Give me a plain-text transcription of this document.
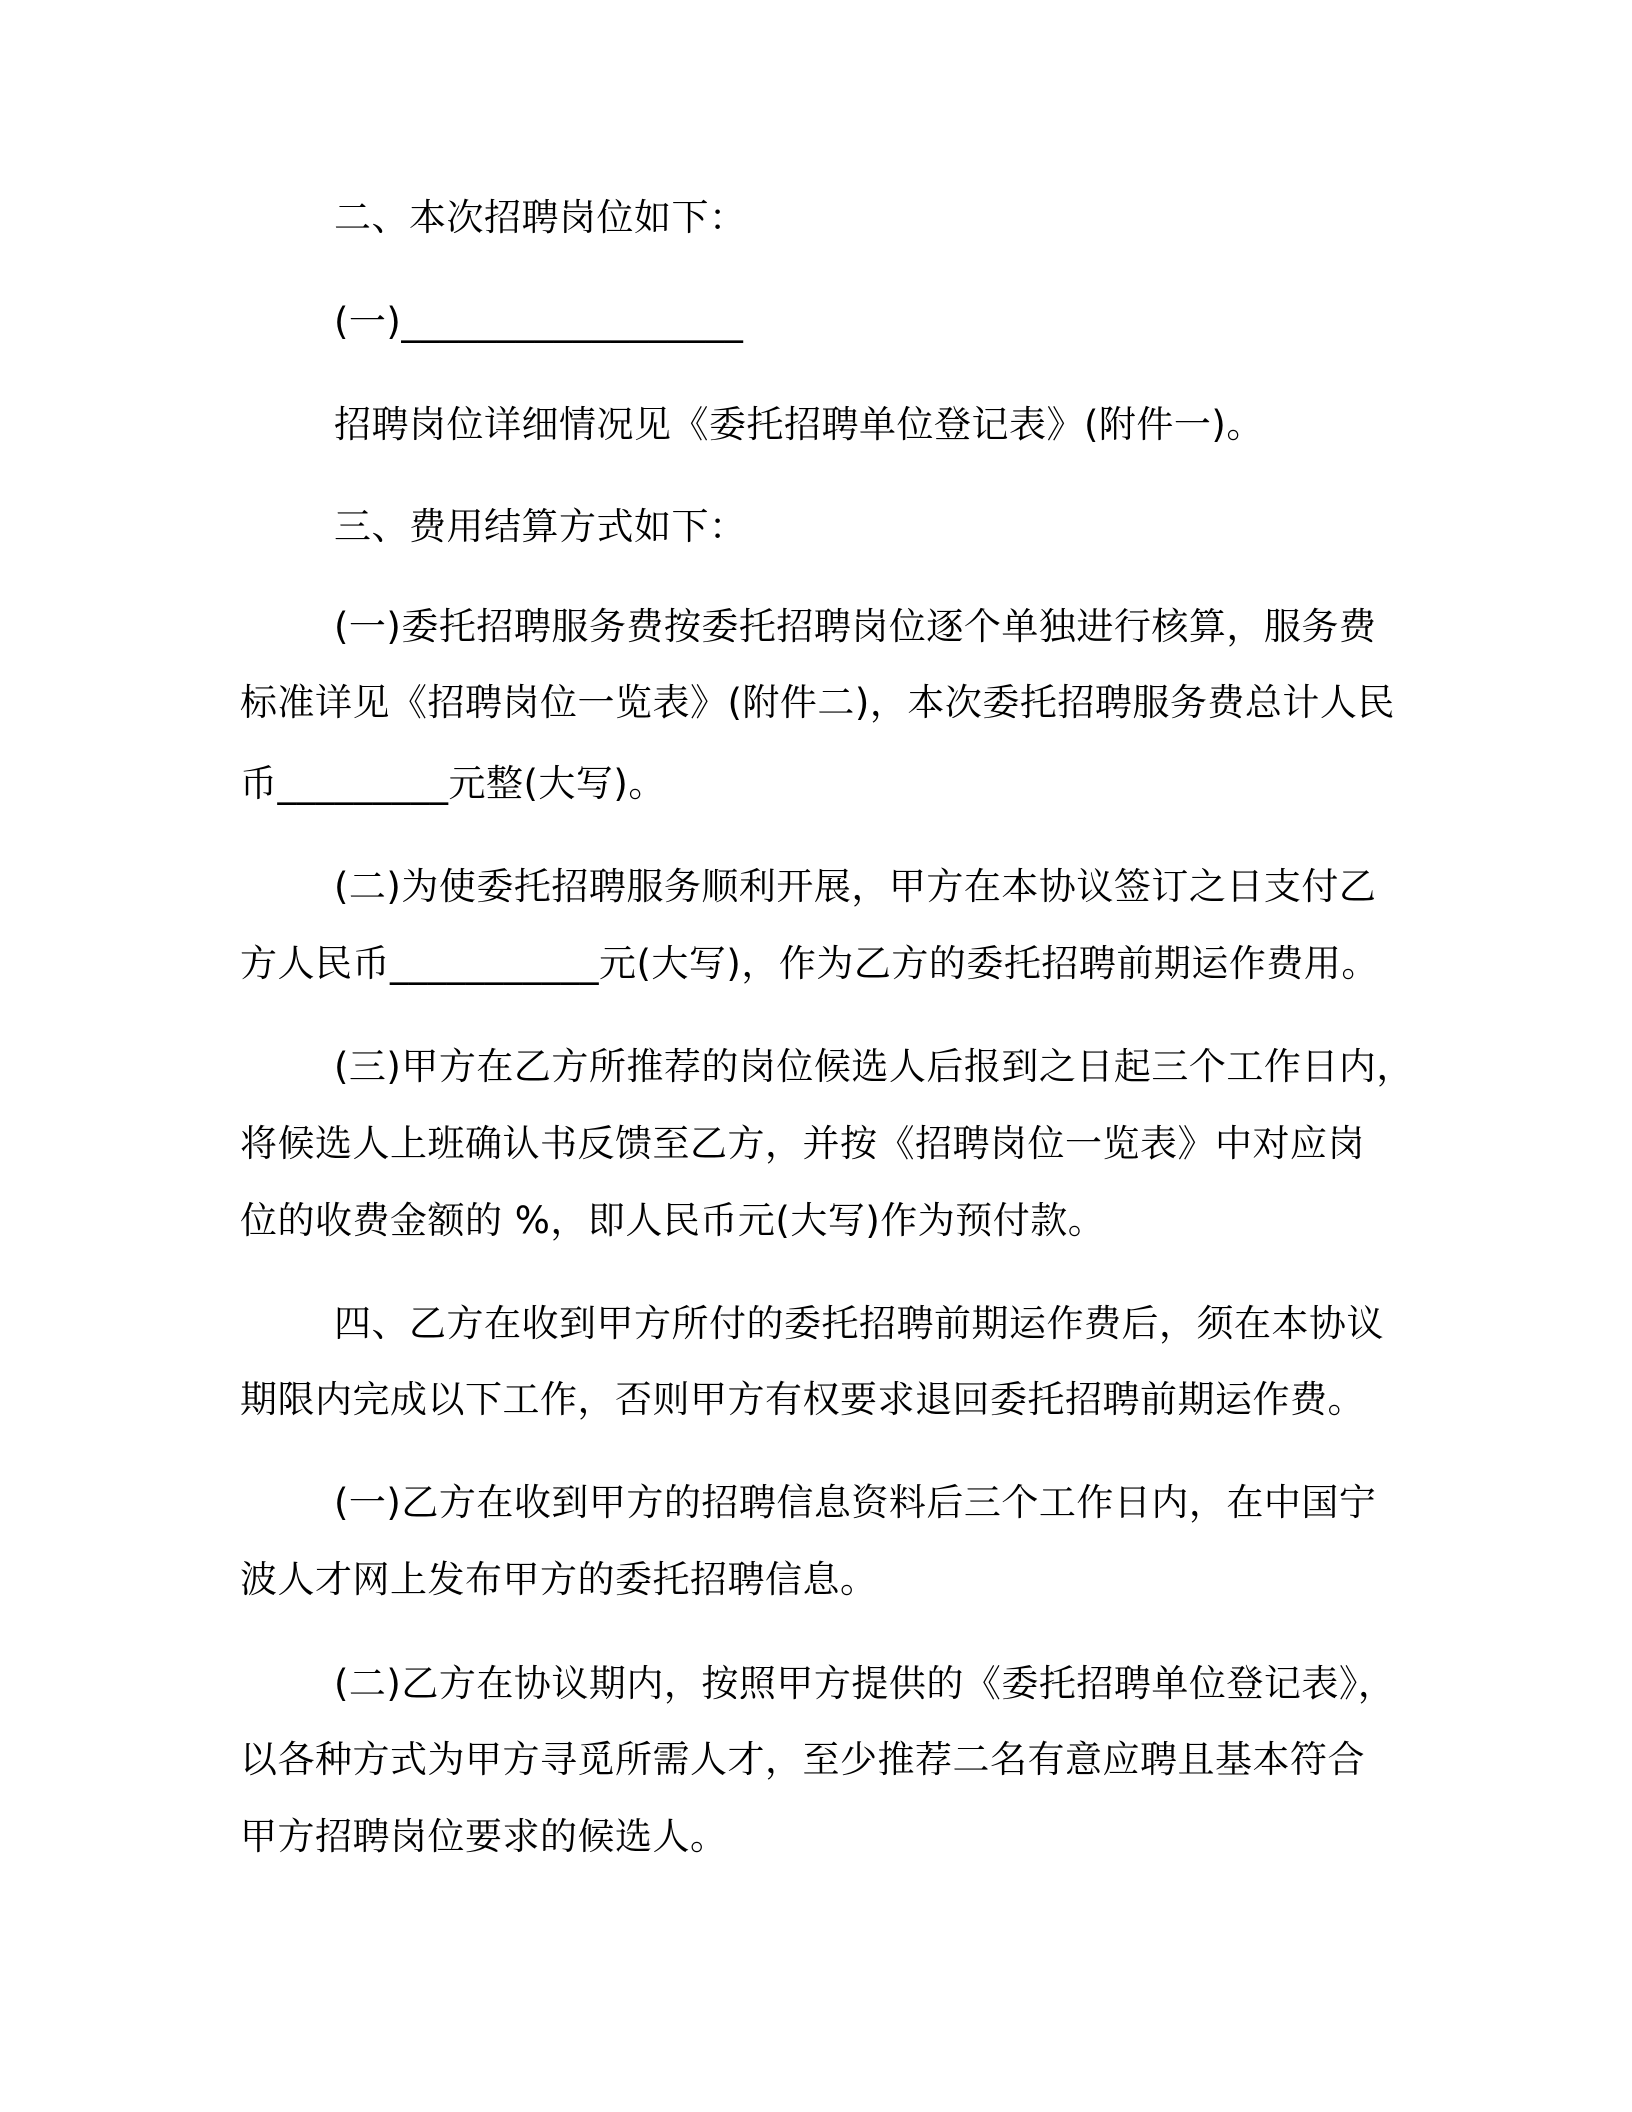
二、本次招聘岗位如下：
(一)__________________
招聘岗位详细情况见《委托招聘单位登记表》(附件一)。
三、费用结算方式如下：
(一)委托招聘服务费按委托招聘岗位逐个单独进行核算，服务费
标准详见《招聘岗位一览表》(附件二)，本次委托招聘服务费总计人民
币_________元整(大写)。
(二)为使委托招聘服务顺利开展，甲方在本协议签订之日支付乙
方人民币___________元(大写)，作为乙方的委托招聘前期运作费用。
(三)甲方在乙方所推荐的岗位候选人后报到之日起三个工作日内，
将候选人上班确认书反馈至乙方，并按《招聘岗位一览表》中对应岗
位的收费金额的 %，即人民币元(大写)作为预付款。
四、乙方在收到甲方所付的委托招聘前期运作费后，须在本协议
期限内完成以下工作，否则甲方有权要求退回委托招聘前期运作费。
(一)乙方在收到甲方的招聘信息资料后三个工作日内，在中国宁
波人才网上发布甲方的委托招聘信息。
(二)乙方在协议期内，按照甲方提供的《委托招聘单位登记表》，
以各种方式为甲方寻觅所需人才，至少推荐二名有意应聘且基本符合
甲方招聘岗位要求的候选人。
